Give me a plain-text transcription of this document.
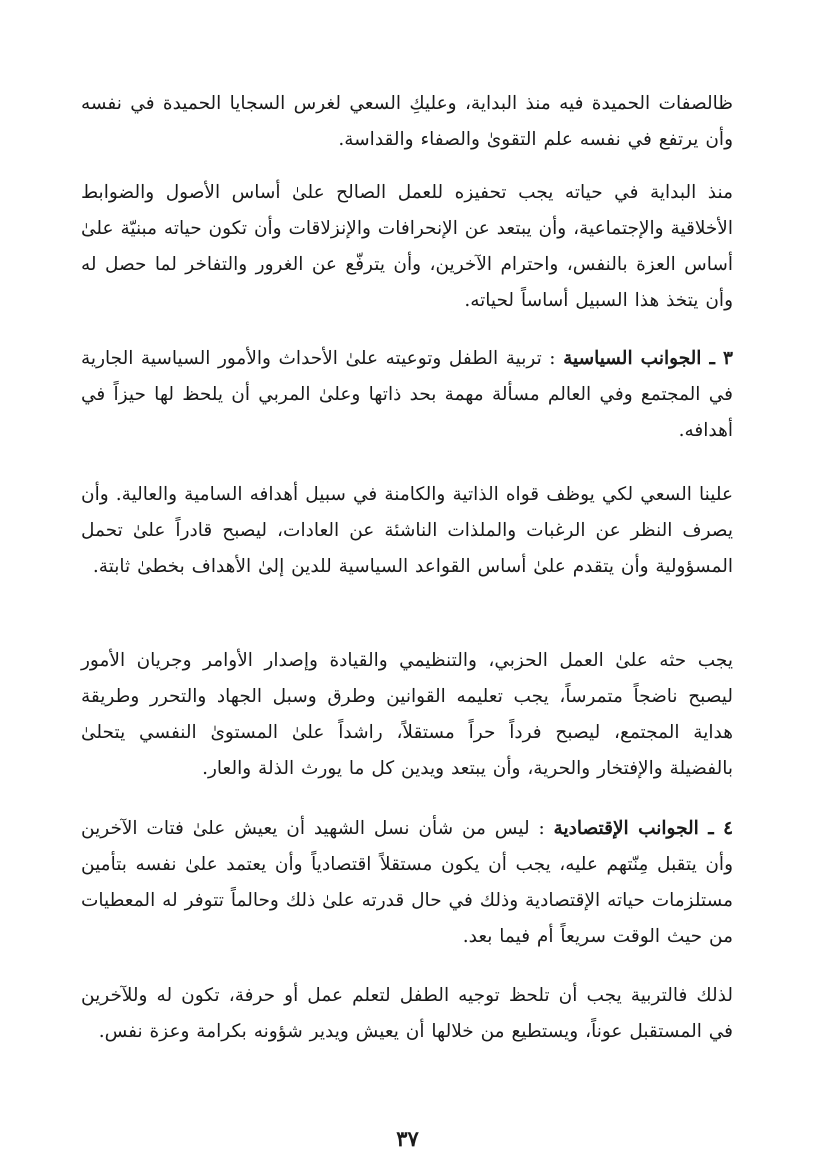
ظالصفات الحميدة فيه منذ البداية، وعليكِ السعي لغرس السجايا الحميدة في نفسه وأن يرتفع في نفسه علم التقوىٰ والصفاء والقداسة.

منذ البداية في حياته يجب تحفيزه للعمل الصالح علىٰ أساس الأصول والضوابط الأخلاقية والإجتماعية، وأن يبتعد عن الإنحرافات والإنزلاقات وأن تكون حياته مبنيّة علىٰ أساس العزة بالنفس، واحترام الآخرين، وأن يترفّع عن الغرور والتفاخر لما حصل له وأن يتخذ هذا السبيل أساساً لحياته.

٣ ـ الجوانب السياسية : تربية الطفل وتوعيته علىٰ الأحداث والأمور السياسية الجارية في المجتمع وفي العالم مسألة مهمة بحد ذاتها وعلىٰ المربي أن يلحظ لها حيزاً في أهدافه.

علينا السعي لكي يوظف قواه الذاتية والكامنة في سبيل أهدافه السامية والعالية. وأن يصرف النظر عن الرغبات والملذات الناشئة عن العادات، ليصبح قادراً علىٰ تحمل المسؤولية وأن يتقدم علىٰ أساس القواعد السياسية للدين إلىٰ الأهداف بخطىٰ ثابتة.

يجب حثه علىٰ العمل الحزبي، والتنظيمي والقيادة وإصدار الأوامر وجريان الأمور ليصبح ناضجاً متمرساً، يجب تعليمه القوانين وطرق وسبل الجهاد والتحرر وطريقة هداية المجتمع، ليصبح فرداً حراً مستقلاً، راشداً علىٰ المستوىٰ النفسي يتحلىٰ بالفضيلة والإفتخار والحرية، وأن يبتعد ويدين كل ما يورث الذلة والعار.

٤ ـ الجوانب الإقتصادية : ليس من شأن نسل الشهيد أن يعيش علىٰ فتات الآخرين وأن يتقبل مِنّتهم عليه، يجب أن يكون مستقلاً اقتصادياً وأن يعتمد علىٰ نفسه بتأمين مستلزمات حياته الإقتصادية وذلك في حال قدرته علىٰ ذلك وحالماً تتوفر له المعطيات من حيث الوقت سريعاً أم فيما بعد.

لذلك فالتربية يجب أن تلحظ توجيه الطفل لتعلم عمل أو حرفة، تكون له وللآخرين في المستقبل عوناً، ويستطيع من خلالها أن يعيش ويدير شؤونه بكرامة وعزة نفس.

٣٧
